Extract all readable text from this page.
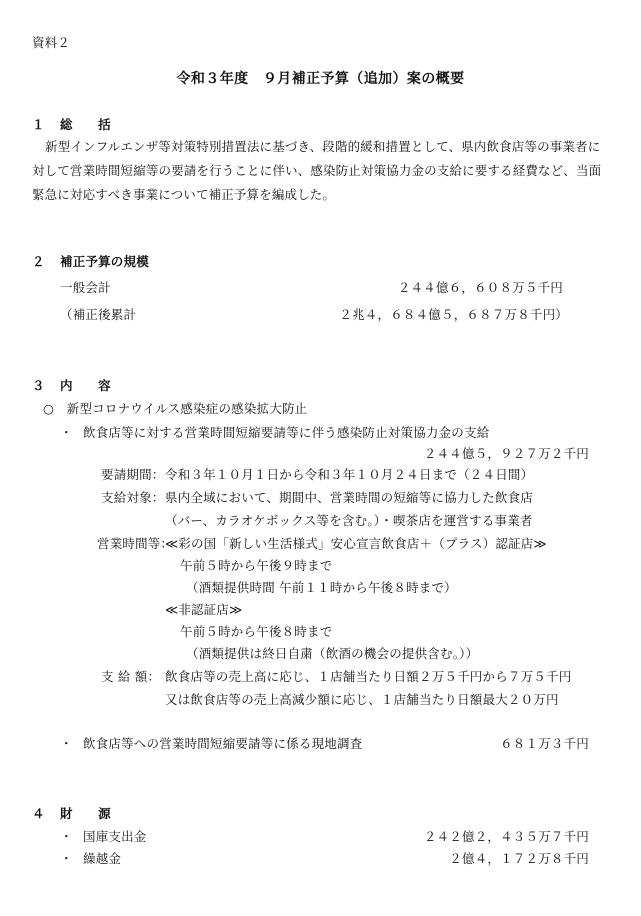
資料２
令和３年度　９月補正予算（追加）案の概要
１ 総　　括
新型インフルエンザ等対策特別措置法に基づき、段階的緩和措置として、県内飲食店等の事業者に対して営業時間短縮等の要請を行うことに伴い、感染防止対策協力金の支給に要する経費など、当面緊急に対応すべき事業について補正予算を編成した。
２ 補正予算の規模
一般会計	２４４億６，６０８万５千円
（補正後累計	２兆４，６８４億５，６８７万８千円）
３ 内　　容
○　新型コロナウイルス感染症の感染拡大防止
・ 飲食店等に対する営業時間短縮要請等に伴う感染防止対策協力金の支給
２４４億５，９２７万２千円
要請期間： 令和３年１０月１日から令和３年１０月２４日まで（２４日間）
支給対象： 県内全域において、期間中、営業時間の短縮等に協力した飲食店
（バー、カラオケボックス等を含む。）・喫茶店を運営する事業者
営業時間等：
≪彩の国「新しい生活様式」安心宣言飲食店＋（プラス）認証店≫
午前５時から午後９時まで
（酒類提供時間 午前１１時から午後８時まで）
≪非認証店≫
午前５時から午後８時まで
（酒類提供は終日自粛（飲酒の機会の提供含む。））
支 給 額： 飲食店等の売上高に応じ、１店舗当たり日額２万５千円から７万５千円
又は飲食店等の売上高減少額に応じ、１店舗当たり日額最大２０万円
・ 飲食店等への営業時間短縮要請等に係る現地調査	６８１万３千円
４ 財　　源
・ 国庫支出金	２４２億２，４３５万７千円
・ 繰越金	２億４，１７２万８千円
